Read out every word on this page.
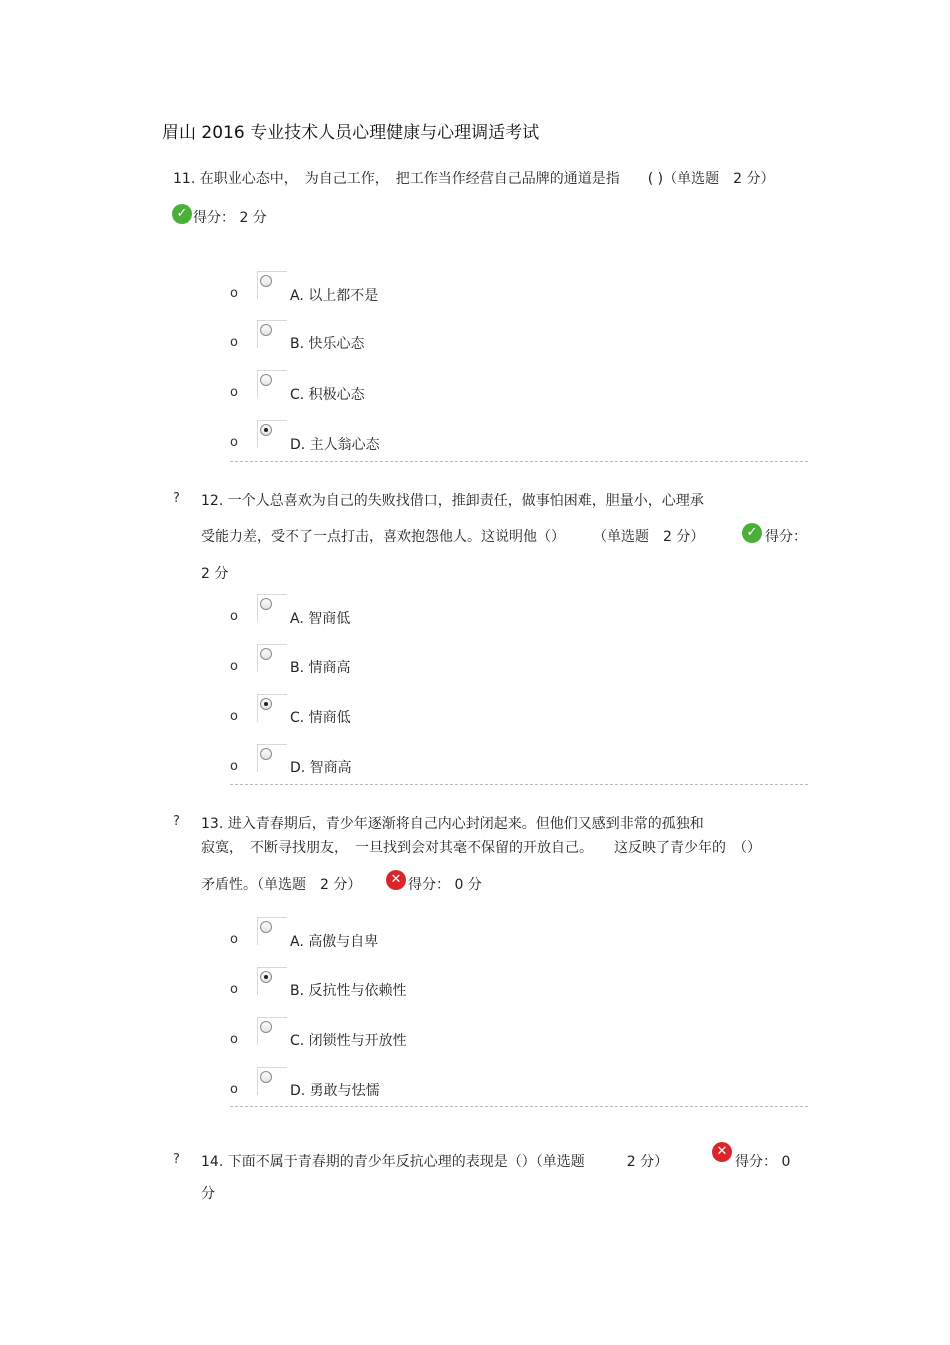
眉山 2016 专业技术人员心理健康与心理调适考试
11. 在职业心态中，　为自己工作，　把工作当作经营自己品牌的通道是指　　( )（单选题　2 分）
✓ 得分： 2 分
o	A. 以上都不是
o	B. 快乐心态
o	C. 积极心态
o	D. 主人翁心态
? 12. 一个人总喜欢为自己的失败找借口，推卸责任，做事怕困难，胆量小，心理承
受能力差，受不了一点打击，喜欢抱怨他人。这说明他（）　　　（单选题　2 分）	✓ 得分：
2 分
o	A. 智商低
o	B. 情商高
o	C. 情商低
o	D. 智商高
? 13. 进入青春期后，青少年逐渐将自己内心封闭起来。但他们又感到非常的孤独和
寂寞，　不断寻找朋友，　一旦找到会对其毫不保留的开放自己。　　这反映了青少年的　（）
矛盾性。（单选题　2 分）	✕ 得分： 0 分
o	A. 高傲与自卑
o	B. 反抗性与依赖性
o	C. 闭锁性与开放性
o	D. 勇敢与怯懦
? 14. 下面不属于青春期的青少年反抗心理的表现是（）（单选题　　　2 分）
✕
得分： 0
分
